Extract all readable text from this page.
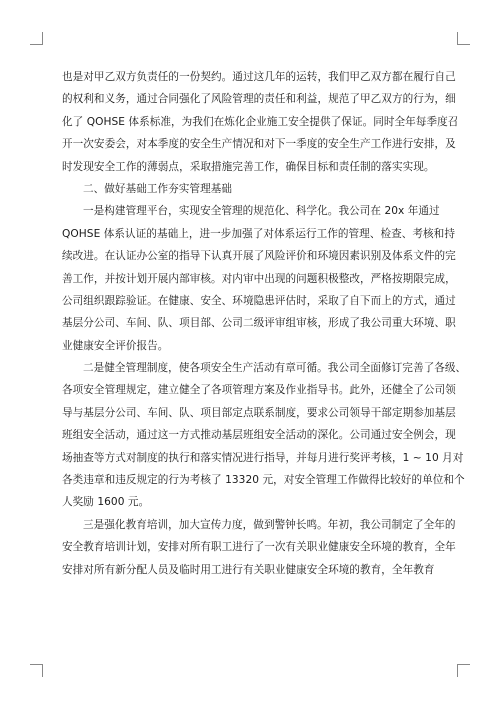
也是对甲乙双方负责任的一份契约。通过这几年的运转，我们甲乙双方都在履行自己
的权利和义务，通过合同强化了风险管理的责任和利益，规范了甲乙双方的行为，细
化了 QOHSE 体系标准，为我们在炼化企业施工安全提供了保证。同时全年每季度召
开一次安委会，对本季度的安全生产情况和对下一季度的安全生产工作进行安排，及
时发现安全工作的薄弱点，采取措施完善工作，确保目标和责任制的落实实现。
二、做好基础工作夯实管理基础
一是构建管理平台，实现安全管理的规范化、科学化。我公司在 20x 年通过
QOHSE 体系认证的基础上，进一步加强了对体系运行工作的管理、检查、考核和持
续改进。在认证办公室的指导下认真开展了风险评价和环境因素识别及体系文件的完
善工作，并按计划开展内部审核。对内审中出现的问题积极整改，严格按期限完成，
公司组织跟踪验证。在健康、安全、环境隐患评估时，采取了自下而上的方式，通过
基层分公司、车间、队、项目部、公司二级评审组审核，形成了我公司重大环境、职
业健康安全评价报告。
二是健全管理制度，使各项安全生产活动有章可循。我公司全面修订完善了各级、
各项安全管理规定，建立健全了各项管理方案及作业指导书。此外，还健全了公司领
导与基层分公司、车间、队、项目部定点联系制度，要求公司领导干部定期参加基层
班组安全活动，通过这一方式推动基层班组安全活动的深化。公司通过安全例会，现
场抽查等方式对制度的执行和落实情况进行指导，并每月进行奖评考核，1 ~ 10 月对
各类违章和违反规定的行为考核了 13320 元，对安全管理工作做得比较好的单位和个
人奖励 1600 元。
三是强化教育培训，加大宣传力度，做到警钟长鸣。年初，我公司制定了全年的
安全教育培训计划，安排对所有职工进行了一次有关职业健康安全环境的教育，全年
安排对所有新分配人员及临时用工进行有关职业健康安全环境的教育，全年教育
